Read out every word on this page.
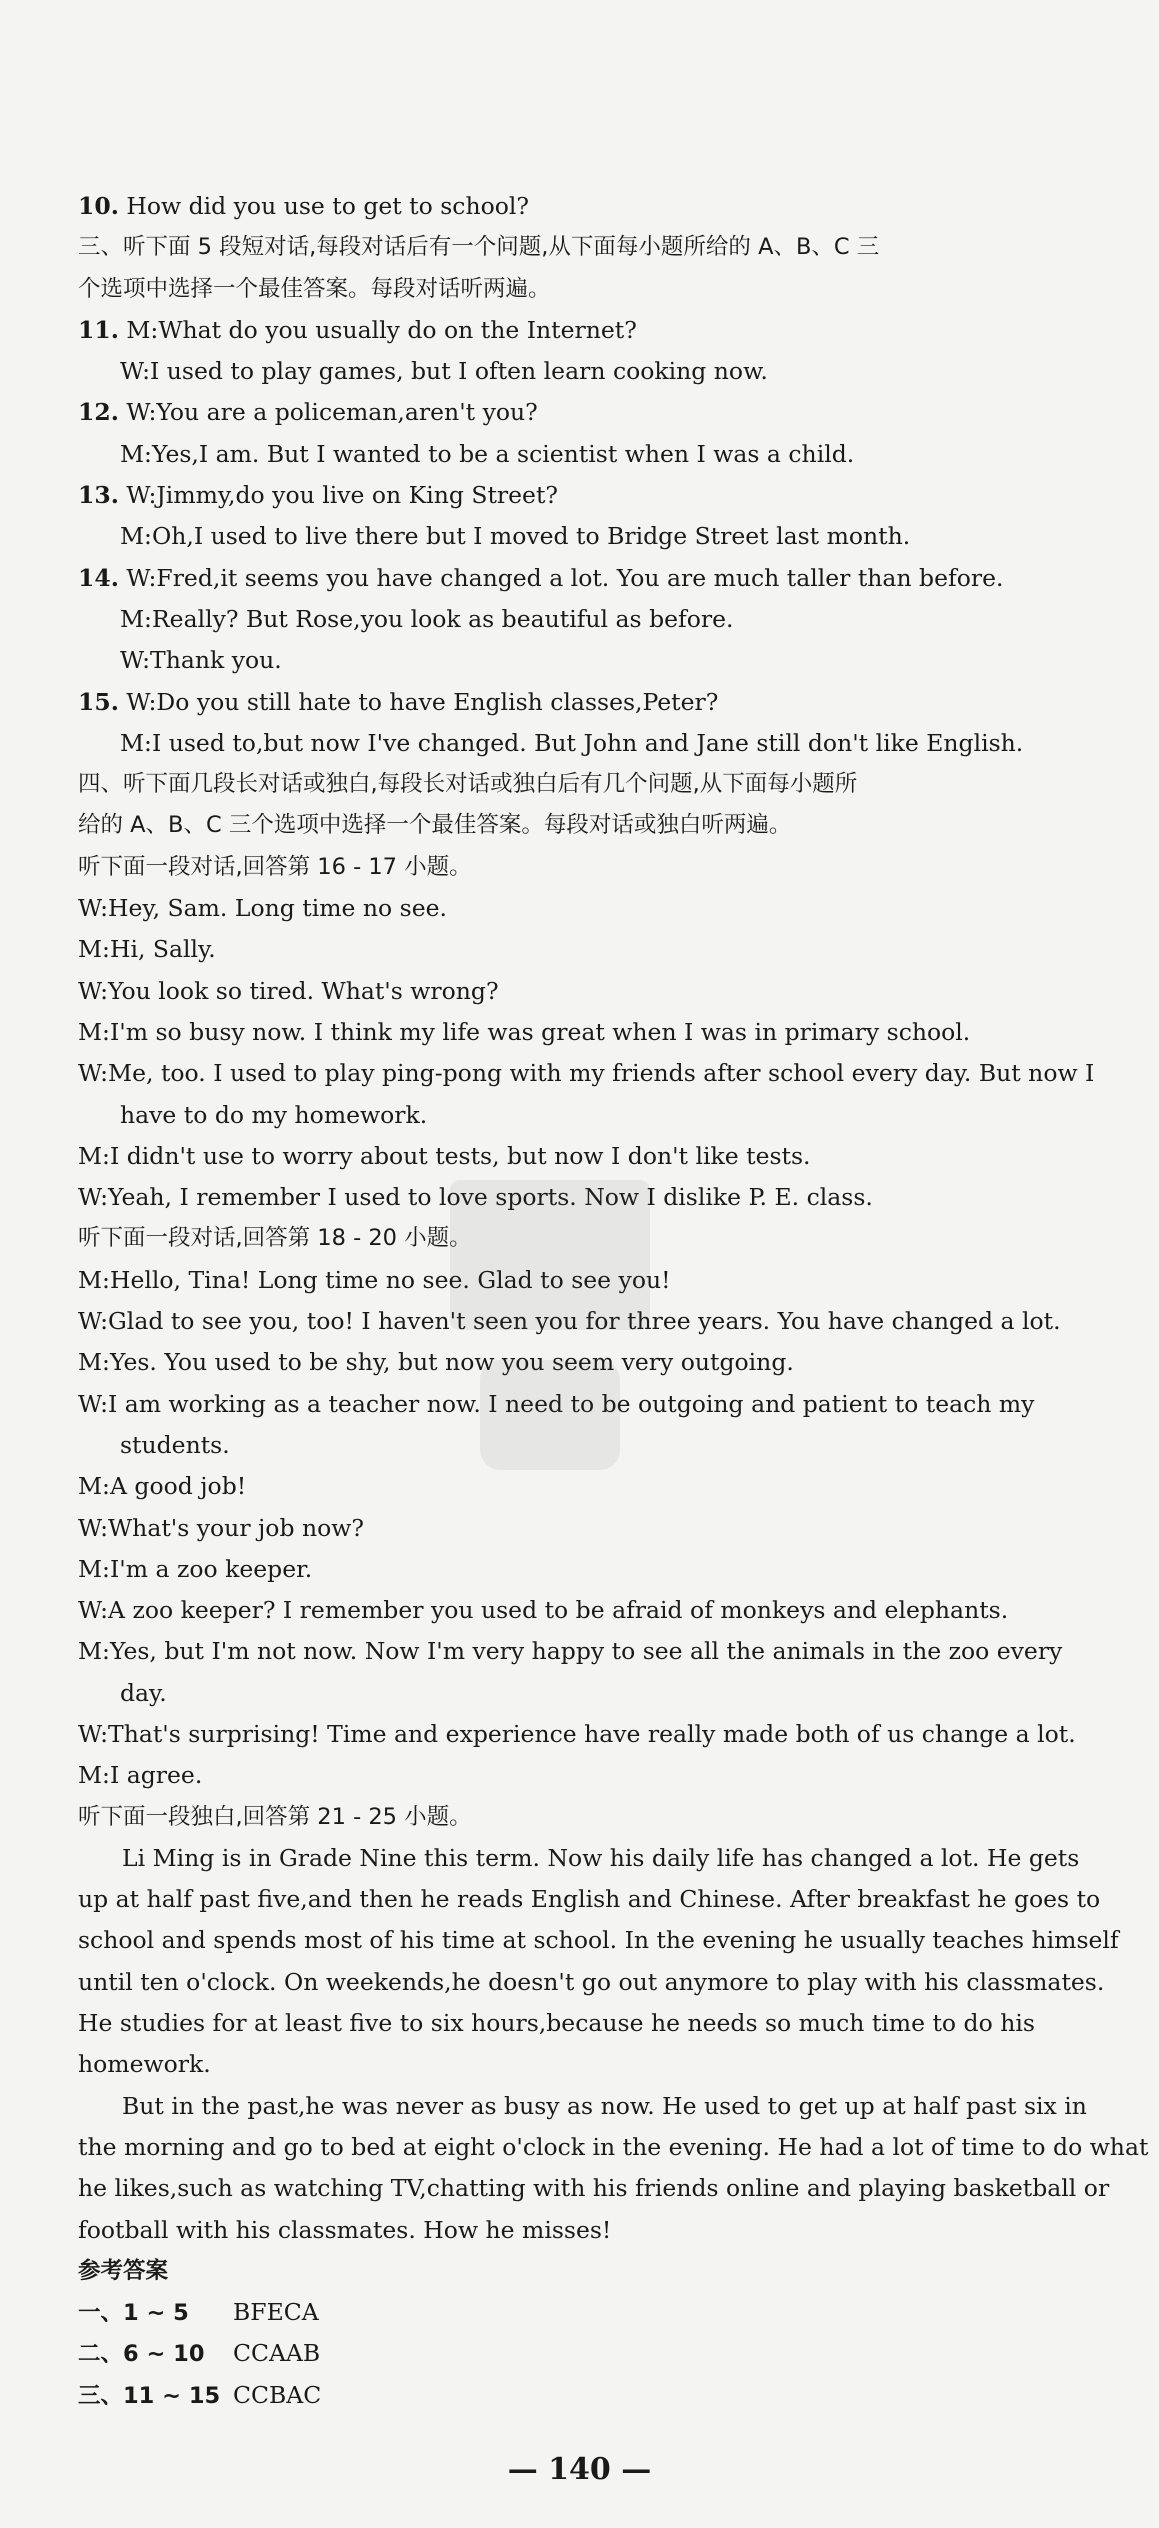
10. How did you use to get to school?
三、听下面 5 段短对话,每段对话后有一个问题,从下面每小题所给的 A、B、C 三
个选项中选择一个最佳答案。每段对话听两遍。
11. M:What do you usually do on the Internet?
W:I used to play games, but I often learn cooking now.
12. W:You are a policeman,aren't you?
M:Yes,I am. But I wanted to be a scientist when I was a child.
13. W:Jimmy,do you live on King Street?
M:Oh,I used to live there but I moved to Bridge Street last month.
14. W:Fred,it seems you have changed a lot. You are much taller than before.
M:Really? But Rose,you look as beautiful as before.
W:Thank you.
15. W:Do you still hate to have English classes,Peter?
M:I used to,but now I've changed. But John and Jane still don't like English.
四、听下面几段长对话或独白,每段长对话或独白后有几个问题,从下面每小题所
给的 A、B、C 三个选项中选择一个最佳答案。每段对话或独白听两遍。
听下面一段对话,回答第 16 - 17 小题。
W:Hey, Sam. Long time no see.
M:Hi, Sally.
W:You look so tired. What's wrong?
M:I'm so busy now. I think my life was great when I was in primary school.
W:Me, too. I used to play ping-pong with my friends after school every day. But now I
have to do my homework.
M:I didn't use to worry about tests, but now I don't like tests.
W:Yeah, I remember I used to love sports. Now I dislike P. E. class.
听下面一段对话,回答第 18 - 20 小题。
M:Hello, Tina! Long time no see. Glad to see you!
W:Glad to see you, too! I haven't seen you for three years. You have changed a lot.
M:Yes. You used to be shy, but now you seem very outgoing.
W:I am working as a teacher now. I need to be outgoing and patient to teach my
students.
M:A good job!
W:What's your job now?
M:I'm a zoo keeper.
W:A zoo keeper? I remember you used to be afraid of monkeys and elephants.
M:Yes, but I'm not now. Now I'm very happy to see all the animals in the zoo every
day.
W:That's surprising! Time and experience have really made both of us change a lot.
M:I agree.
听下面一段独白,回答第 21 - 25 小题。
Li Ming is in Grade Nine this term. Now his daily life has changed a lot. He gets
up at half past five,and then he reads English and Chinese. After breakfast he goes to
school and spends most of his time at school. In the evening he usually teaches himself
until ten o'clock. On weekends,he doesn't go out anymore to play with his classmates.
He studies for at least five to six hours,because he needs so much time to do his
homework.
But in the past,he was never as busy as now. He used to get up at half past six in
the morning and go to bed at eight o'clock in the evening. He had a lot of time to do what
he likes,such as watching TV,chatting with his friends online and playing basketball or
football with his classmates. How he misses!
参考答案
一、1 ~ 5 BFECA
二、6 ~ 10 CCAAB
三、11 ~ 15 CCBAC
— 140 —
